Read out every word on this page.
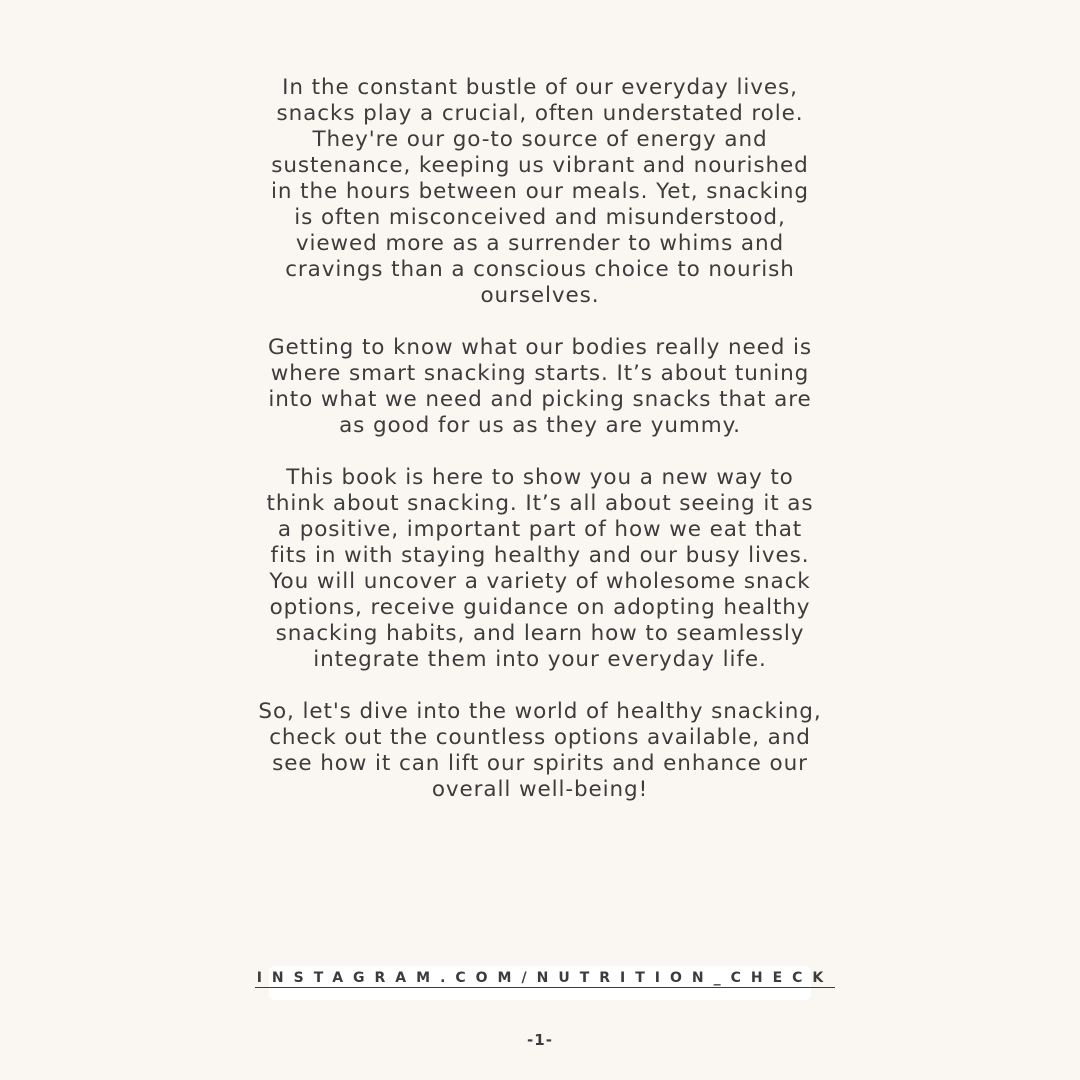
In the constant bustle of our everyday lives,
snacks play a crucial, often understated role.
They're our go-to source of energy and
sustenance, keeping us vibrant and nourished
in the hours between our meals. Yet, snacking
is often misconceived and misunderstood,
viewed more as a surrender to whims and
cravings than a conscious choice to nourish
ourselves.

Getting to know what our bodies really need is
where smart snacking starts. It’s about tuning
into what we need and picking snacks that are
as good for us as they are yummy.

This book is here to show you a new way to
think about snacking. It’s all about seeing it as
a positive, important part of how we eat that
fits in with staying healthy and our busy lives.
You will uncover a variety of wholesome snack
options, receive guidance on adopting healthy
snacking habits, and learn how to seamlessly
integrate them into your everyday life.

So, let's dive into the world of healthy snacking,
check out the countless options available, and
see how it can lift our spirits and enhance our
overall well-being!

INSTAGRAM.COM/NUTRITION_CHECK
-1-
